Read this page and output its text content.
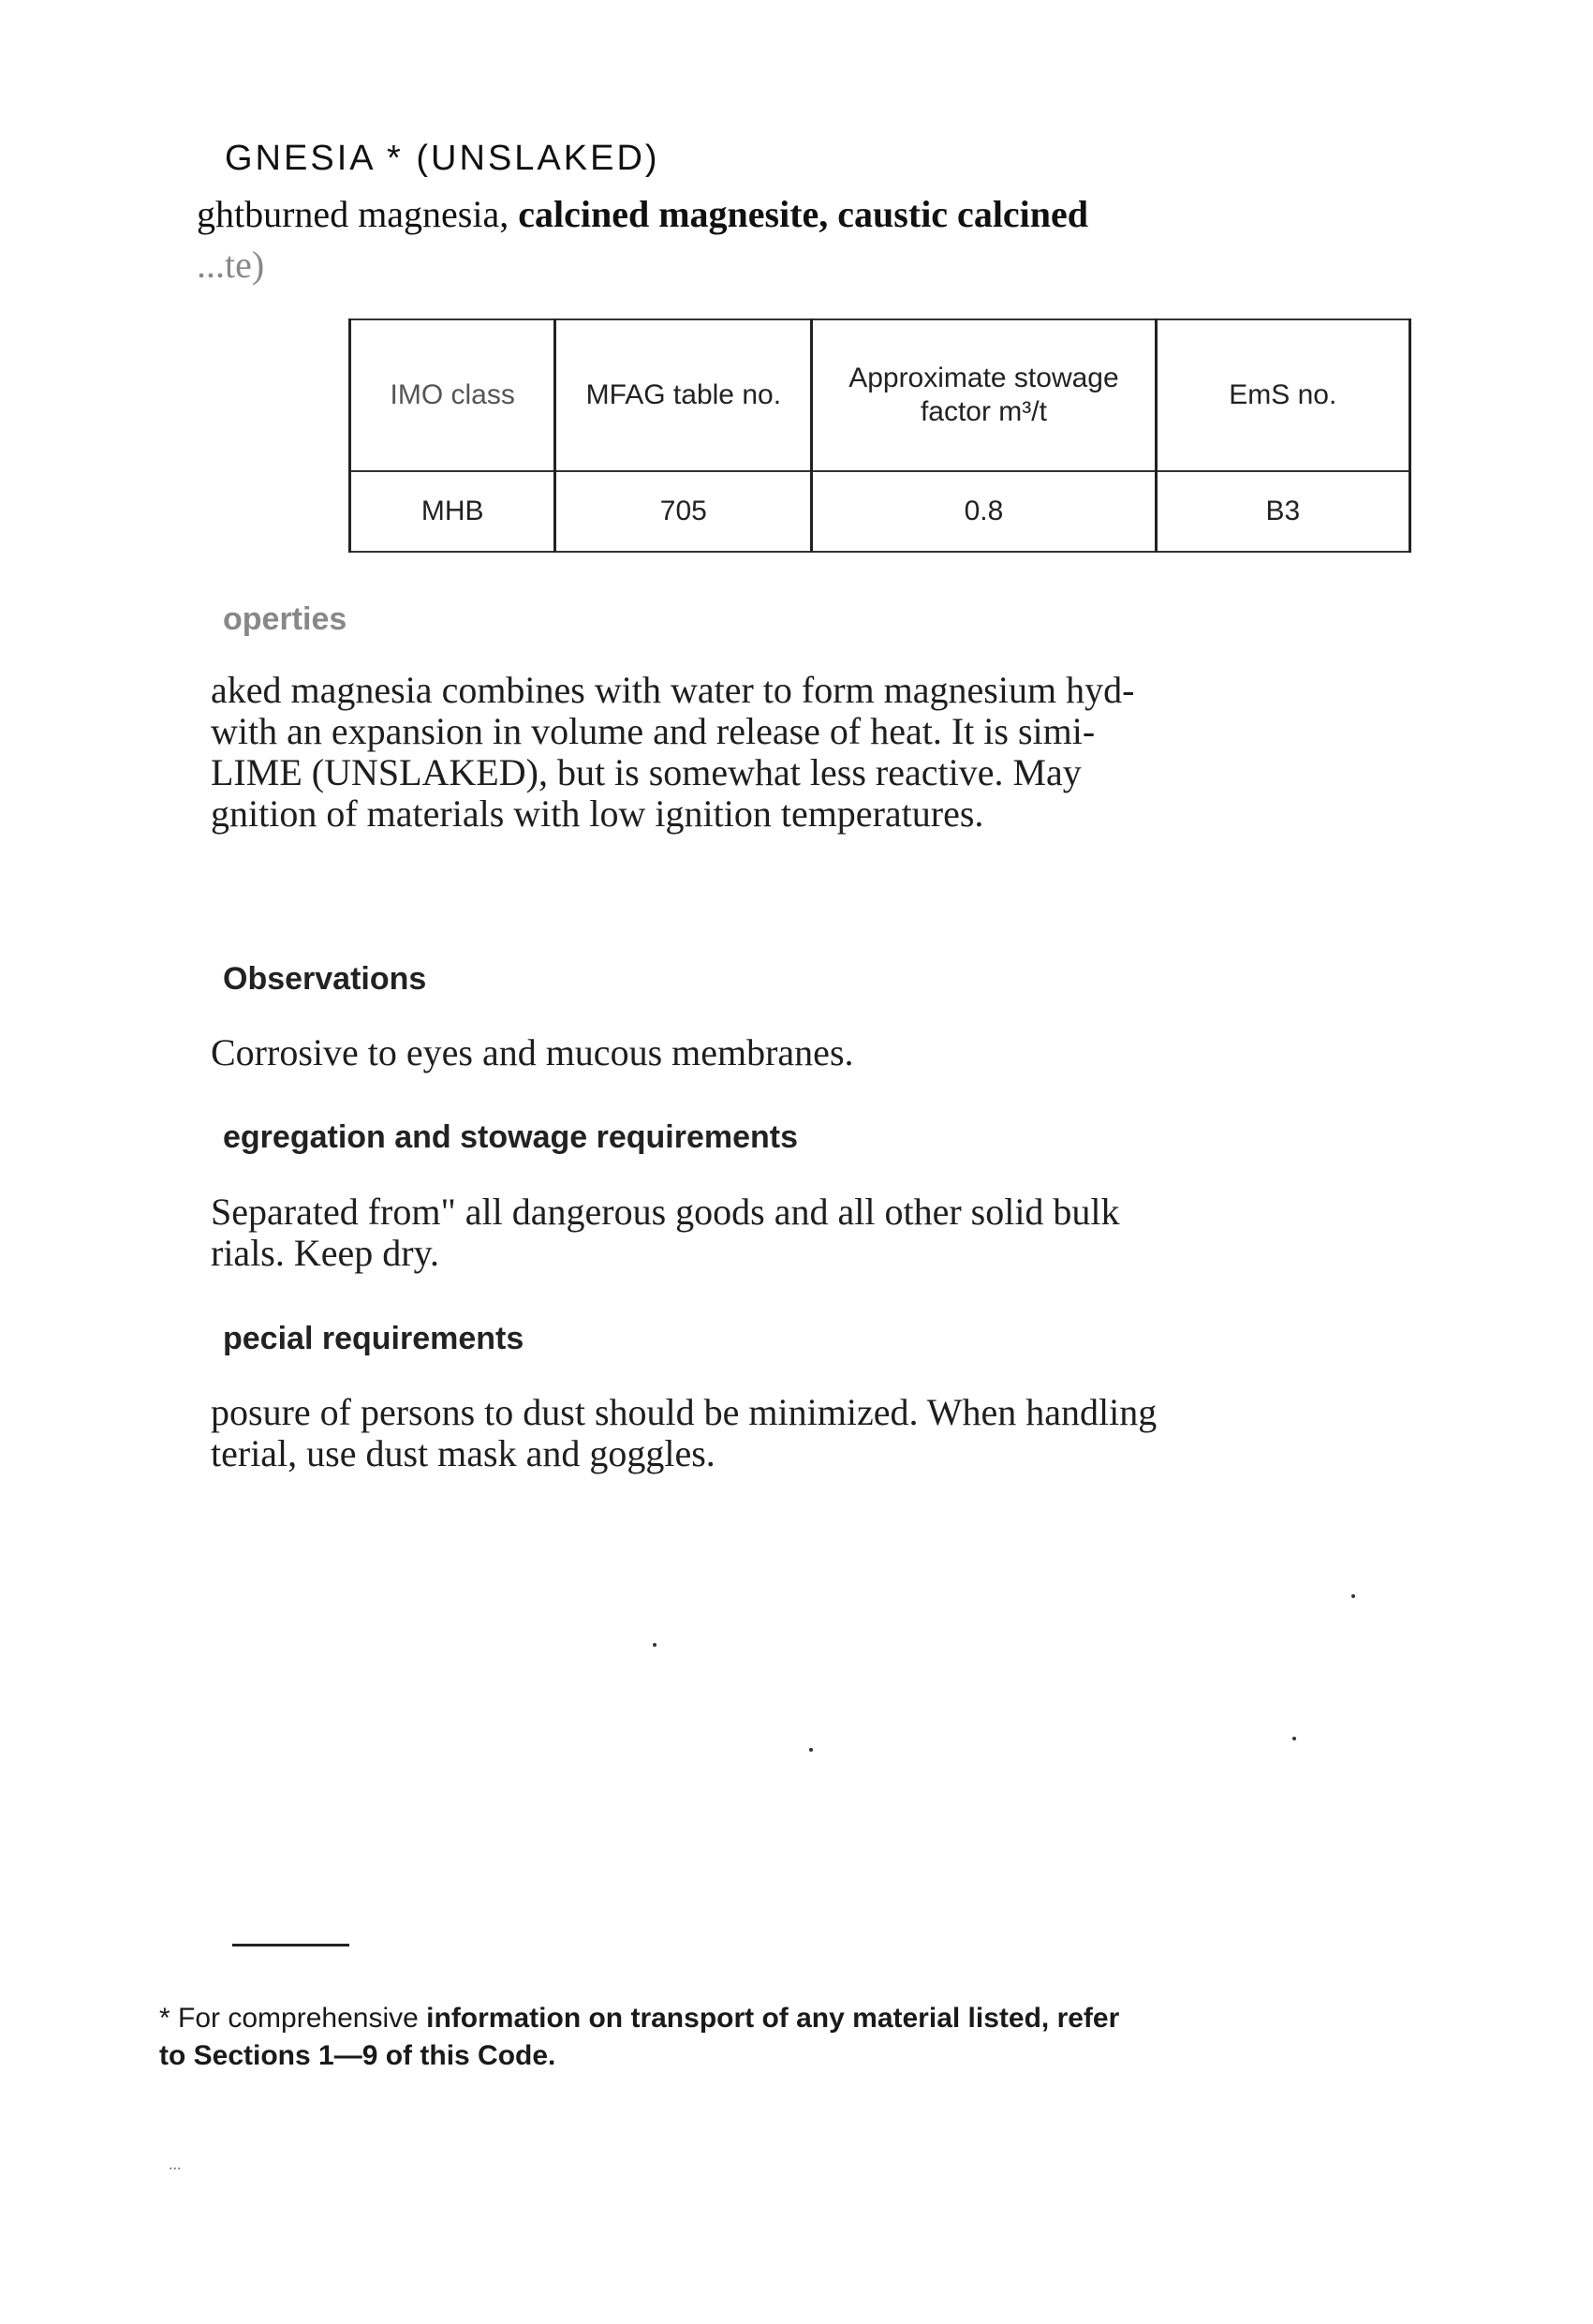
GNESIA * (UNSLAKED)
ghtburned magnesia, calcined magnesite, caustic calcined
...te)
IMO class	MFAG table no.	Approximate stowage factor m³/t	EmS no.
MHB	705	0.8	B3
operties
aked magnesia combines with water to form magnesium hyd-
with an expansion in volume and release of heat. It is simi-
LIME (UNSLAKED), but is somewhat less reactive. May
gnition of materials with low ignition temperatures.
Observations
Corrosive to eyes and mucous membranes.
egregation and stowage requirements
Separated from" all dangerous goods and all other solid bulk
rials. Keep dry.
pecial requirements
posure of persons to dust should be minimized. When handling
terial, use dust mask and goggles.
* For comprehensive information on transport of any material listed, refer
to Sections 1—9 of this Code.
...
